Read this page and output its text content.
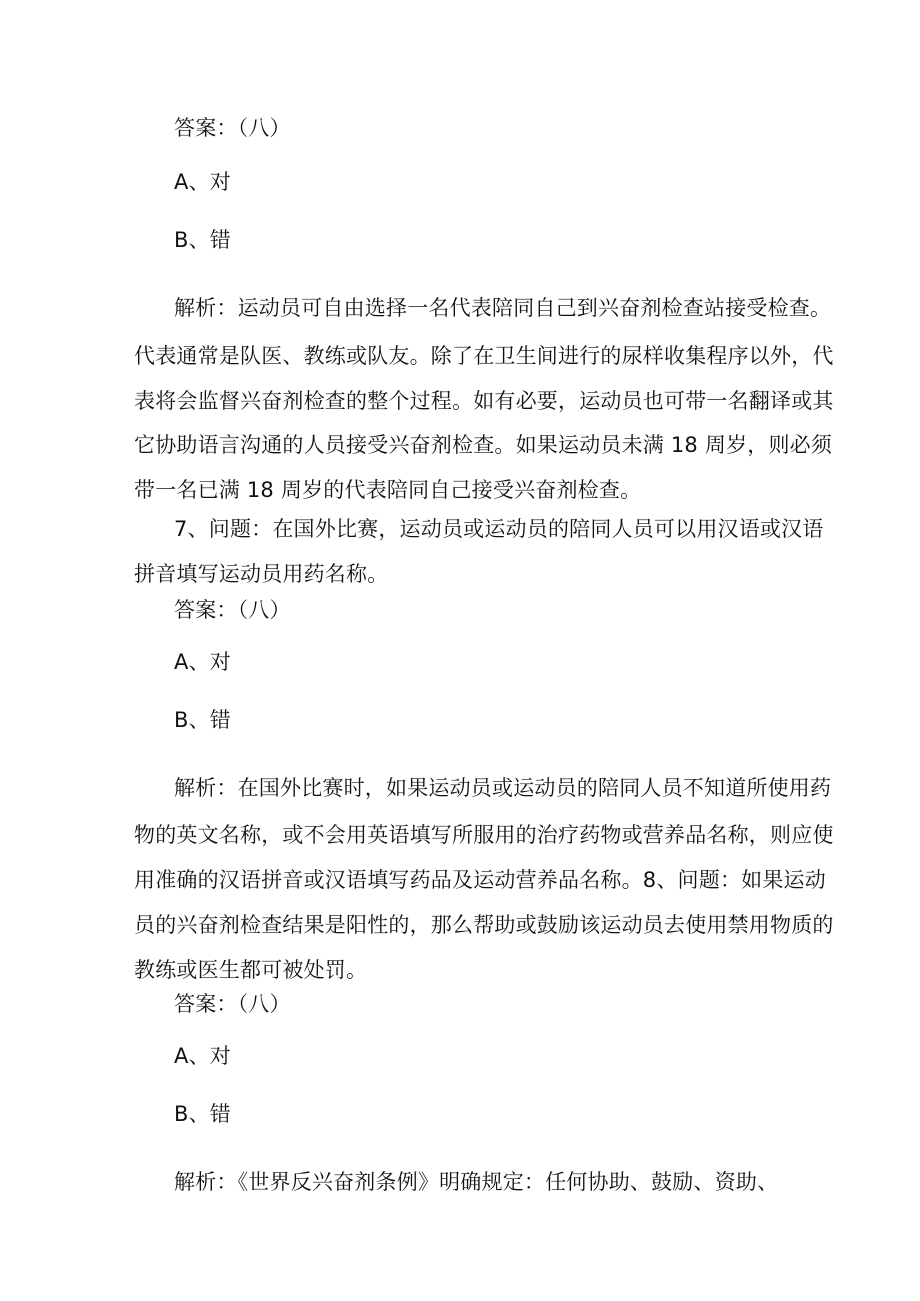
答案：（八）

A、对

B、错

解析：运动员可自由选择一名代表陪同自己到兴奋剂检查站接受检查。

代表通常是队医、教练或队友。除了在卫生间进行的尿样收集程序以外，代

表将会监督兴奋剂检查的整个过程。如有必要，运动员也可带一名翻译或其

它协助语言沟通的人员接受兴奋剂检查。如果运动员未满 18 周岁，则必须

带一名已满 18 周岁的代表陪同自己接受兴奋剂检查。

7、问题：在国外比赛，运动员或运动员的陪同人员可以用汉语或汉语

拼音填写运动员用药名称。

答案：（八）

A、对

B、错

解析：在国外比赛时，如果运动员或运动员的陪同人员不知道所使用药

物的英文名称，或不会用英语填写所服用的治疗药物或营养品名称，则应使

用准确的汉语拼音或汉语填写药品及运动营养品名称。8、问题：如果运动

员的兴奋剂检查结果是阳性的，那么帮助或鼓励该运动员去使用禁用物质的

教练或医生都可被处罚。

答案：（八）

A、对

B、错

解析：《世界反兴奋剂条例》明确规定：任何协助、鼓励、资助、
